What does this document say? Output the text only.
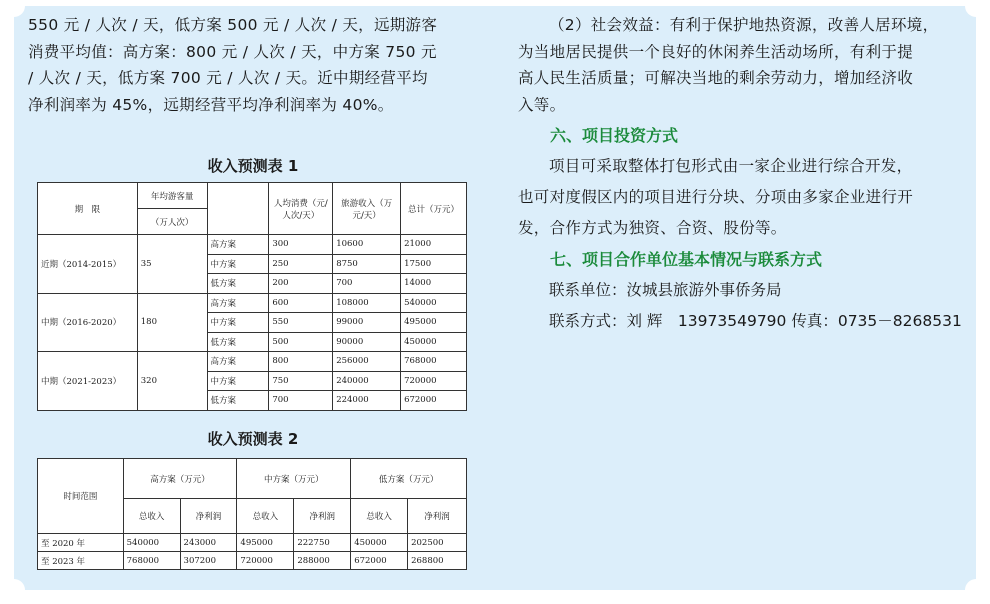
550 元 / 人次 / 天，低方案 500 元 / 人次 / 天，远期游客
消费平均值：高方案：800 元 / 人次 / 天，中方案 750 元
/ 人次 / 天，低方案 700 元 / 人次 / 天。近中期经营平均
净利润率为 45%，远期经营平均净利润率为 40%。

收入预测表 1

期　限	年均游客量		人均消费（元/人次/天）	旅游收入（万元/天）	总计（万元）
	（万人次）				
近期（2014-2015）	35	高方案	300	10600	21000
		中方案	250	8750	17500
		低方案	200	700	14000
中期（2016-2020）	180	高方案	600	108000	540000
		中方案	550	99000	495000
		低方案	500	90000	450000
中期（2021-2023）	320	高方案	800	256000	768000
		中方案	750	240000	720000
		低方案	700	224000	672000

收入预测表 2

时间范围	高方案（万元）		中方案（万元）		低方案（万元）	
	总收入	净利润	总收入	净利润	总收入	净利润
至 2020 年	540000	243000	495000	222750	450000	202500
至 2023 年	768000	307200	720000	288000	672000	268800

（2）社会效益：有利于保护地热资源，改善人居环境，
为当地居民提供一个良好的休闲养生活动场所，有利于提
高人民生活质量；可解决当地的剩余劳动力，增加经济收
入等。

六、项目投资方式

项目可采取整体打包形式由一家企业进行综合开发，
也可对度假区内的项目进行分块、分项由多家企业进行开
发，合作方式为独资、合资、股份等。

七、项目合作单位基本情况与联系方式

联系单位：汝城县旅游外事侨务局

联系方式：刘 辉　13973549790 传真：0735－8268531
